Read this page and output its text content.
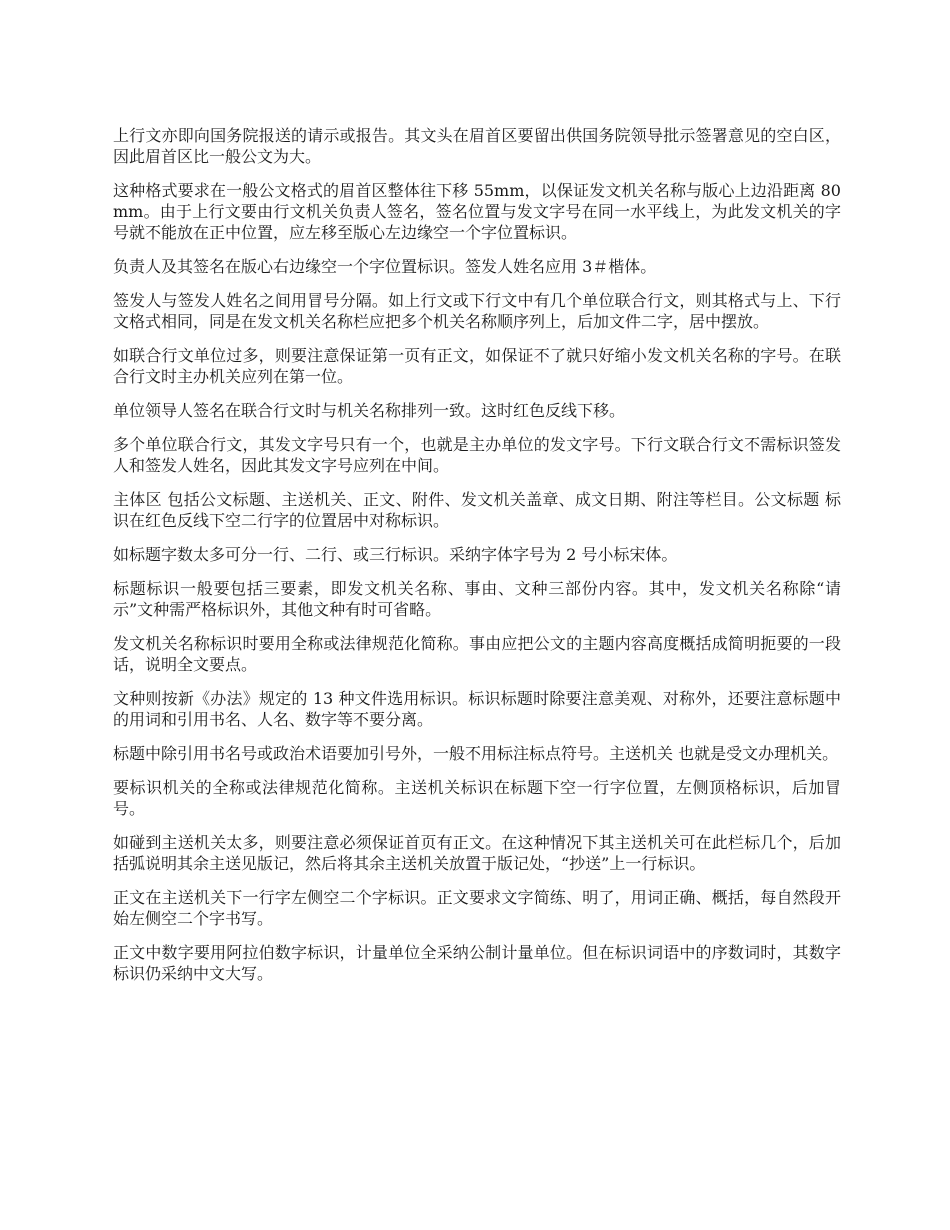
上行文亦即向国务院报送的请示或报告。其文头在眉首区要留出供国务院领导批示签署意见的空白区，因此眉首区比一般公文为大。

这种格式要求在一般公文格式的眉首区整体往下移 55mm，以保证发文机关名称与版心上边沿距离 80mm。由于上行文要由行文机关负责人签名，签名位置与发文字号在同一水平线上，为此发文机关的字号就不能放在正中位置，应左移至版心左边缘空一个字位置标识。

负责人及其签名在版心右边缘空一个字位置标识。签发人姓名应用 3＃楷体。

签发人与签发人姓名之间用冒号分隔。如上行文或下行文中有几个单位联合行文，则其格式与上、下行文格式相同，同是在发文机关名称栏应把多个机关名称顺序列上，后加文件二字，居中摆放。

如联合行文单位过多，则要注意保证第一页有正文，如保证不了就只好缩小发文机关名称的字号。在联合行文时主办机关应列在第一位。

单位领导人签名在联合行文时与机关名称排列一致。这时红色反线下移。

多个单位联合行文，其发文字号只有一个，也就是主办单位的发文字号。下行文联合行文不需标识签发人和签发人姓名，因此其发文字号应列在中间。

主体区 包括公文标题、主送机关、正文、附件、发文机关盖章、成文日期、附注等栏目。公文标题 标识在红色反线下空二行字的位置居中对称标识。

如标题字数太多可分一行、二行、或三行标识。采纳字体字号为 2 号小标宋体。

标题标识一般要包括三要素，即发文机关名称、事由、文种三部份内容。其中，发文机关名称除“请示”文种需严格标识外，其他文种有时可省略。

发文机关名称标识时要用全称或法律规范化简称。事由应把公文的主题内容高度概括成简明扼要的一段话，说明全文要点。

文种则按新《办法》规定的 13 种文件选用标识。标识标题时除要注意美观、对称外，还要注意标题中的用词和引用书名、人名、数字等不要分离。

标题中除引用书名号或政治术语要加引号外，一般不用标注标点符号。主送机关 也就是受文办理机关。

要标识机关的全称或法律规范化简称。主送机关标识在标题下空一行字位置，左侧顶格标识，后加冒号。

如碰到主送机关太多，则要注意必须保证首页有正文。在这种情况下其主送机关可在此栏标几个，后加括弧说明其余主送见版记，然后将其余主送机关放置于版记处，“抄送”上一行标识。

正文在主送机关下一行字左侧空二个字标识。正文要求文字简练、明了，用词正确、概括，每自然段开始左侧空二个字书写。

正文中数字要用阿拉伯数字标识，计量单位全采纳公制计量单位。但在标识词语中的序数词时，其数字标识仍采纳中文大写。
